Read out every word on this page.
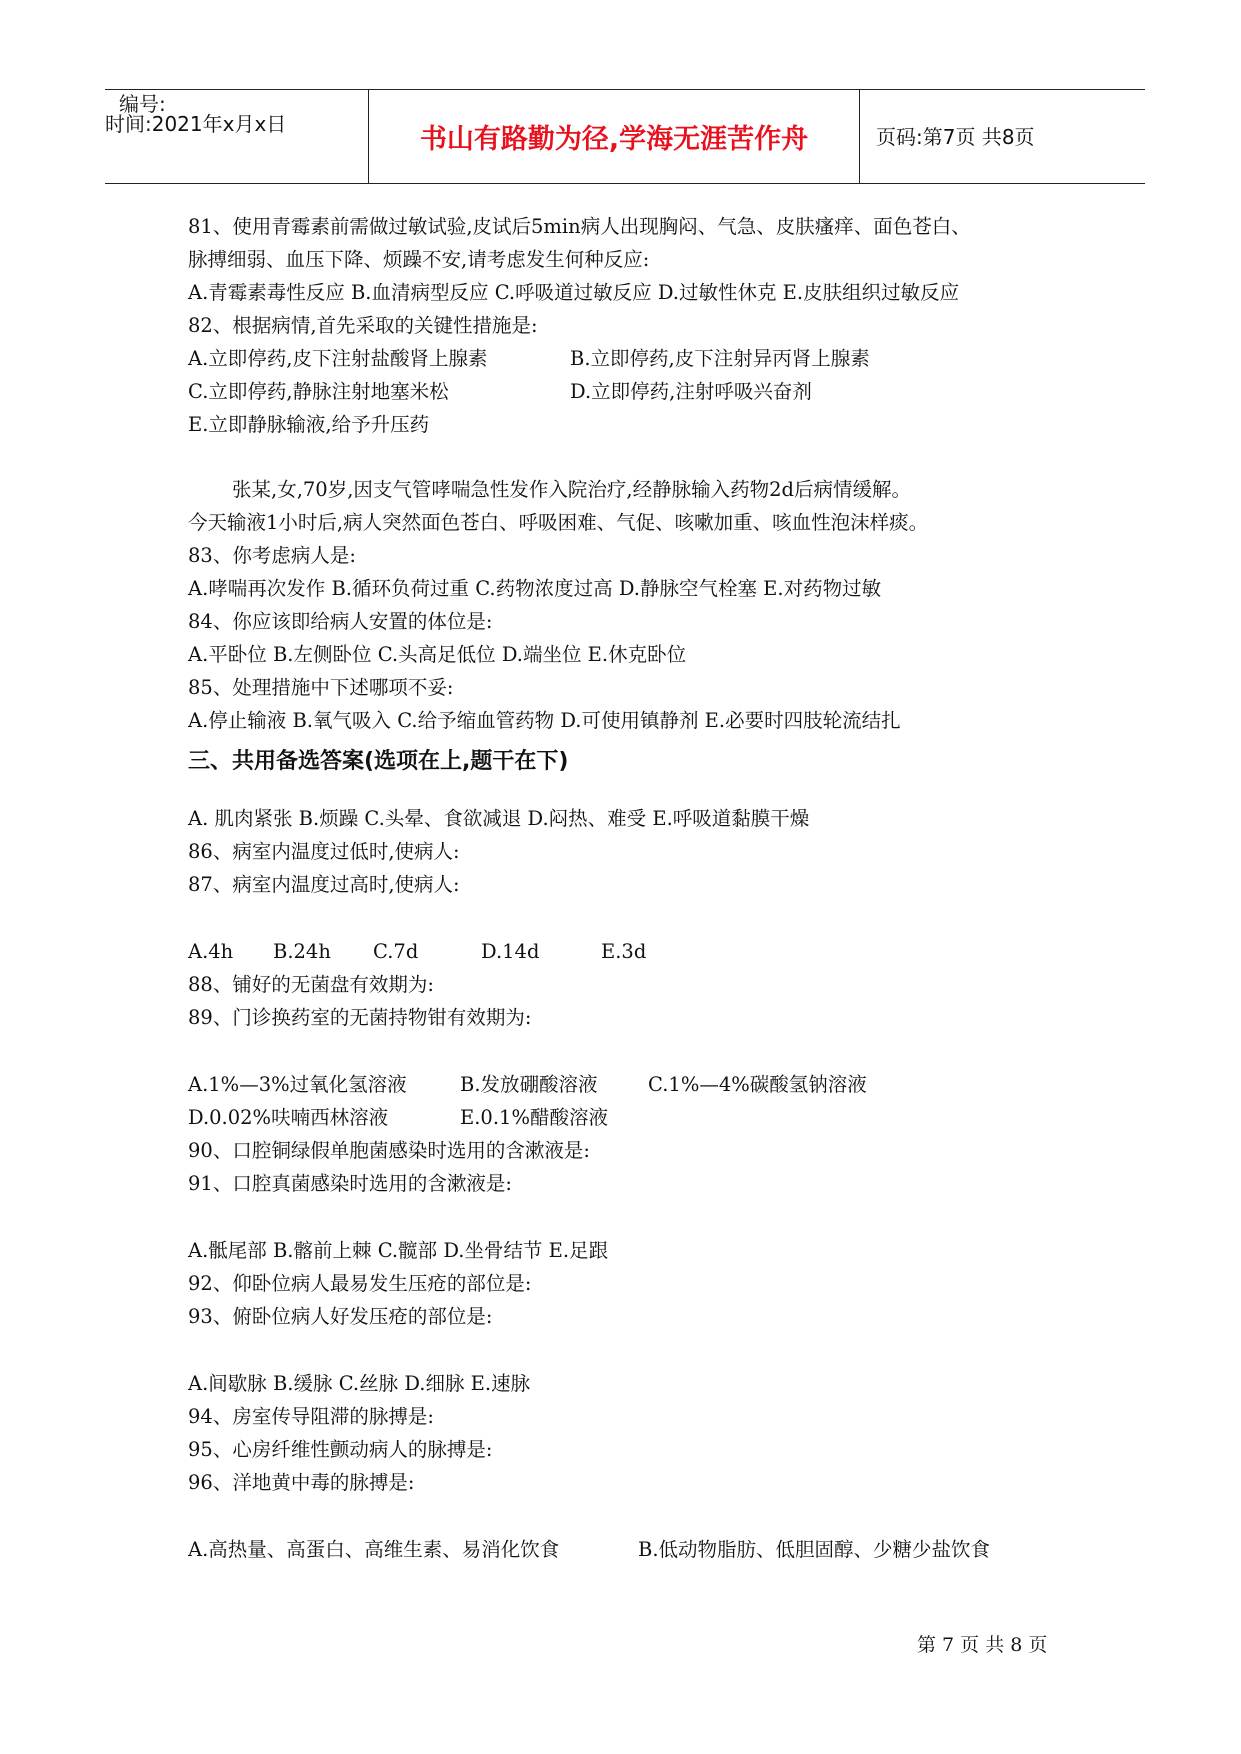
编号:
时间:2021年x月x日	书山有路勤为径,学海无涯苦作舟	页码:第7页 共8页
81、使用青霉素前需做过敏试验,皮试后5min病人出现胸闷、气急、皮肤瘙痒、面色苍白、
脉搏细弱、血压下降、烦躁不安,请考虑发生何种反应:
A.青霉素毒性反应 B.血清病型反应 C.呼吸道过敏反应 D.过敏性休克 E.皮肤组织过敏反应
82、根据病情,首先采取的关键性措施是:
A.立即停药,皮下注射盐酸肾上腺素	B.立即停药,皮下注射异丙肾上腺素
C.立即停药,静脉注射地塞米松	D.立即停药,注射呼吸兴奋剂
E.立即静脉输液,给予升压药
张某,女,70岁,因支气管哮喘急性发作入院治疗,经静脉输入药物2d后病情缓解。
今天输液1小时后,病人突然面色苍白、呼吸困难、气促、咳嗽加重、咳血性泡沫样痰。
83、你考虑病人是:
A.哮喘再次发作 B.循环负荷过重 C.药物浓度过高 D.静脉空气栓塞 E.对药物过敏
84、你应该即给病人安置的体位是:
A.平卧位 B.左侧卧位 C.头高足低位 D.端坐位 E.休克卧位
85、处理措施中下述哪项不妥:
A.停止输液 B.氧气吸入 C.给予缩血管药物 D.可使用镇静剂 E.必要时四肢轮流结扎
三、共用备选答案(选项在上,题干在下)
A. 肌肉紧张 B.烦躁 C.头晕、食欲减退 D.闷热、难受 E.呼吸道黏膜干燥
86、病室内温度过低时,使病人:
87、病室内温度过高时,使病人:
A.4h B.24h C.7d	D.14d	E.3d
88、铺好的无菌盘有效期为:
89、门诊换药室的无菌持物钳有效期为:
A.1%—3%过氧化氢溶液	B.发放硼酸溶液	C.1%—4%碳酸氢钠溶液
D.0.02%呋喃西林溶液	E.0.1%醋酸溶液
90、口腔铜绿假单胞菌感染时选用的含漱液是:
91、口腔真菌感染时选用的含漱液是:
A.骶尾部 B.髂前上棘 C.髋部 D.坐骨结节 E.足跟
92、仰卧位病人最易发生压疮的部位是:
93、俯卧位病人好发压疮的部位是:
A.间歇脉 B.缓脉 C.丝脉 D.细脉 E.速脉
94、房室传导阻滞的脉搏是:
95、心房纤维性颤动病人的脉搏是:
96、洋地黄中毒的脉搏是:
A.高热量、高蛋白、高维生素、易消化饮食	B.低动物脂肪、低胆固醇、少糖少盐饮食
第 7 页 共 8 页
